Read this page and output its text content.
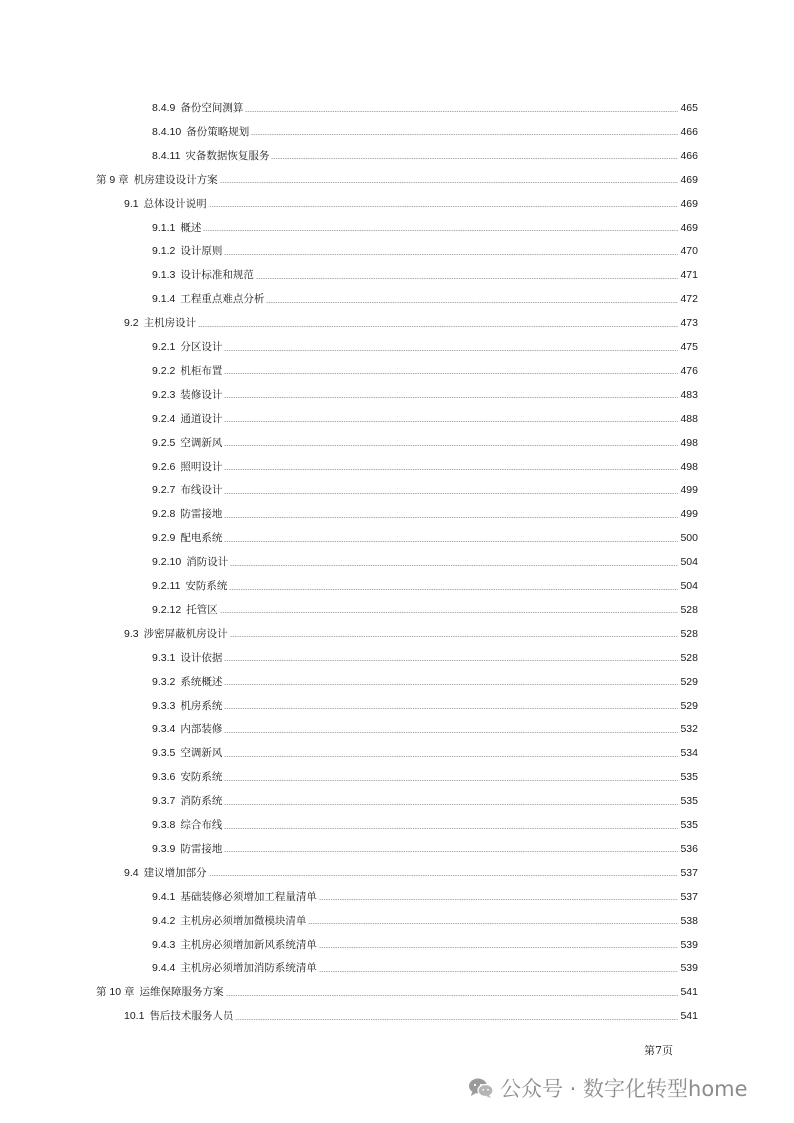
8.4.9 备份空间测算	465
8.4.10 备份策略规划	466
8.4.11 灾备数据恢复服务	466
第 9 章 机房建设设计方案	469
9.1 总体设计说明	469
9.1.1 概述	469
9.1.2 设计原则	470
9.1.3 设计标准和规范	471
9.1.4 工程重点难点分析	472
9.2 主机房设计	473
9.2.1 分区设计	475
9.2.2 机柜布置	476
9.2.3 装修设计	483
9.2.4 通道设计	488
9.2.5 空调新风	498
9.2.6 照明设计	498
9.2.7 布线设计	499
9.2.8 防雷接地	499
9.2.9 配电系统	500
9.2.10 消防设计	504
9.2.11 安防系统	504
9.2.12 托管区	528
9.3 涉密屏蔽机房设计	528
9.3.1 设计依据	528
9.3.2 系统概述	529
9.3.3 机房系统	529
9.3.4 内部装修	532
9.3.5 空调新风	534
9.3.6 安防系统	535
9.3.7 消防系统	535
9.3.8 综合布线	535
9.3.9 防雷接地	536
9.4 建议增加部分	537
9.4.1 基础装修必须增加工程量清单	537
9.4.2 主机房必须增加微模块清单	538
9.4.3 主机房必须增加新风系统清单	539
9.4.4 主机房必须增加消防系统清单	539
第 10 章 运维保障服务方案	541
10.1 售后技术服务人员	541
第7页
公众号 · 数字化转型home
